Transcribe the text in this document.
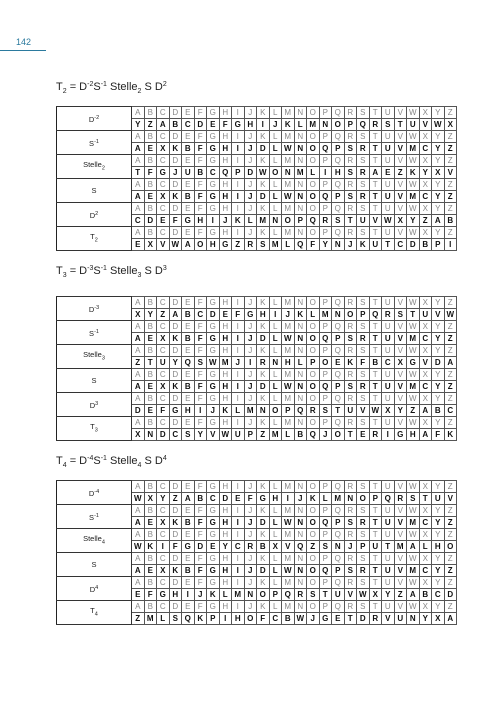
142
$T_2 = D^{-2}S^{-1}$ Stelle$_2$ S $D^2$
$D^{-2}$	A	B	C	D	E	F	G	H	I	J	K	L	M	N	O	P	Q	R	S	T	U	V	W	X	Y	Z
	Y	Z	A	B	C	D	E	F	G	H	I	J	K	L	M	N	O	P	Q	R	S	T	U	V	W	X
$S^{-1}$	A	B	C	D	E	F	G	H	I	J	K	L	M	N	O	P	Q	R	S	T	U	V	W	X	Y	Z
	A	E	X	K	B	F	G	H	I	J	D	L	W	N	O	Q	P	S	R	T	U	V	M	C	Y	Z
Stelle$_2$	A	B	C	D	E	F	G	H	I	J	K	L	M	N	O	P	Q	R	S	T	U	V	W	X	Y	Z
	T	F	G	J	U	B	C	Q	P	D	W	O	N	M	L	I	H	S	R	A	E	Z	K	Y	X	V
S	A	B	C	D	E	F	G	H	I	J	K	L	M	N	O	P	Q	R	S	T	U	V	W	X	Y	Z
	A	E	X	K	B	F	G	H	I	J	D	L	W	N	O	Q	P	S	R	T	U	V	M	C	Y	Z
$D^2$	A	B	C	D	E	F	G	H	I	J	K	L	M	N	O	P	Q	R	S	T	U	V	W	X	Y	Z
	C	D	E	F	G	H	I	J	K	L	M	N	O	P	Q	R	S	T	U	V	W	X	Y	Z	A	B
$T_2$	A	B	C	D	E	F	G	H	I	J	K	L	M	N	O	P	Q	R	S	T	U	V	W	X	Y	Z
	E	X	V	W	A	O	H	G	Z	R	S	M	L	Q	F	Y	N	J	K	U	T	C	D	B	P	I
$T_3 = D^{-3}S^{-1}$ Stelle$_3$ S $D^3$
$D^{-3}$	A	B	C	D	E	F	G	H	I	J	K	L	M	N	O	P	Q	R	S	T	U	V	W	X	Y	Z
	X	Y	Z	A	B	C	D	E	F	G	H	I	J	K	L	M	N	O	P	Q	R	S	T	U	V	W
$S^{-1}$	A	B	C	D	E	F	G	H	I	J	K	L	M	N	O	P	Q	R	S	T	U	V	W	X	Y	Z
	A	E	X	K	B	F	G	H	I	J	D	L	W	N	O	Q	P	S	R	T	U	V	M	C	Y	Z
Stelle$_3$	A	B	C	D	E	F	G	H	I	J	K	L	M	N	O	P	Q	R	S	T	U	V	W	X	Y	Z
	Z	T	U	Y	Q	S	W	M	J	I	R	N	H	L	P	O	E	K	F	B	C	X	G	V	D	A
S	A	B	C	D	E	F	G	H	I	J	K	L	M	N	O	P	Q	R	S	T	U	V	W	X	Y	Z
	A	E	X	K	B	F	G	H	I	J	D	L	W	N	O	Q	P	S	R	T	U	V	M	C	Y	Z
$D^3$	A	B	C	D	E	F	G	H	I	J	K	L	M	N	O	P	Q	R	S	T	U	V	W	X	Y	Z
	D	E	F	G	H	I	J	K	L	M	N	O	P	Q	R	S	T	U	V	W	X	Y	Z	A	B	C
$T_3$	A	B	C	D	E	F	G	H	I	J	K	L	M	N	O	P	Q	R	S	T	U	V	W	X	Y	Z
	X	N	D	C	S	Y	V	W	U	P	Z	M	L	B	Q	J	O	T	E	R	I	G	H	A	F	K
$T_4 = D^{-4}S^{-1}$ Stelle$_4$ S $D^4$
$D^{-4}$	A	B	C	D	E	F	G	H	I	J	K	L	M	N	O	P	Q	R	S	T	U	V	W	X	Y	Z
	W	X	Y	Z	A	B	C	D	E	F	G	H	I	J	K	L	M	N	O	P	Q	R	S	T	U	V
$S^{-1}$	A	B	C	D	E	F	G	H	I	J	K	L	M	N	O	P	Q	R	S	T	U	V	W	X	Y	Z
	A	E	X	K	B	F	G	H	I	J	D	L	W	N	O	Q	P	S	R	T	U	V	M	C	Y	Z
Stelle$_4$	A	B	C	D	E	F	G	H	I	J	K	L	M	N	O	P	Q	R	S	T	U	V	W	X	Y	Z
	W	K	I	F	G	D	E	Y	C	R	B	X	V	Q	Z	S	N	J	P	U	T	M	A	L	H	O
S	A	B	C	D	E	F	G	H	I	J	K	L	M	N	O	P	Q	R	S	T	U	V	W	X	Y	Z
	A	E	X	K	B	F	G	H	I	J	D	L	W	N	O	Q	P	S	R	T	U	V	M	C	Y	Z
$D^4$	A	B	C	D	E	F	G	H	I	J	K	L	M	N	O	P	Q	R	S	T	U	V	W	X	Y	Z
	E	F	G	H	I	J	K	L	M	N	O	P	Q	R	S	T	U	V	W	X	Y	Z	A	B	C	D
$T_4$	A	B	C	D	E	F	G	H	I	J	K	L	M	N	O	P	Q	R	S	T	U	V	W	X	Y	Z
	Z	M	L	S	Q	K	P	I	H	O	F	C	B	W	J	G	E	T	D	R	V	U	N	Y	X	A
